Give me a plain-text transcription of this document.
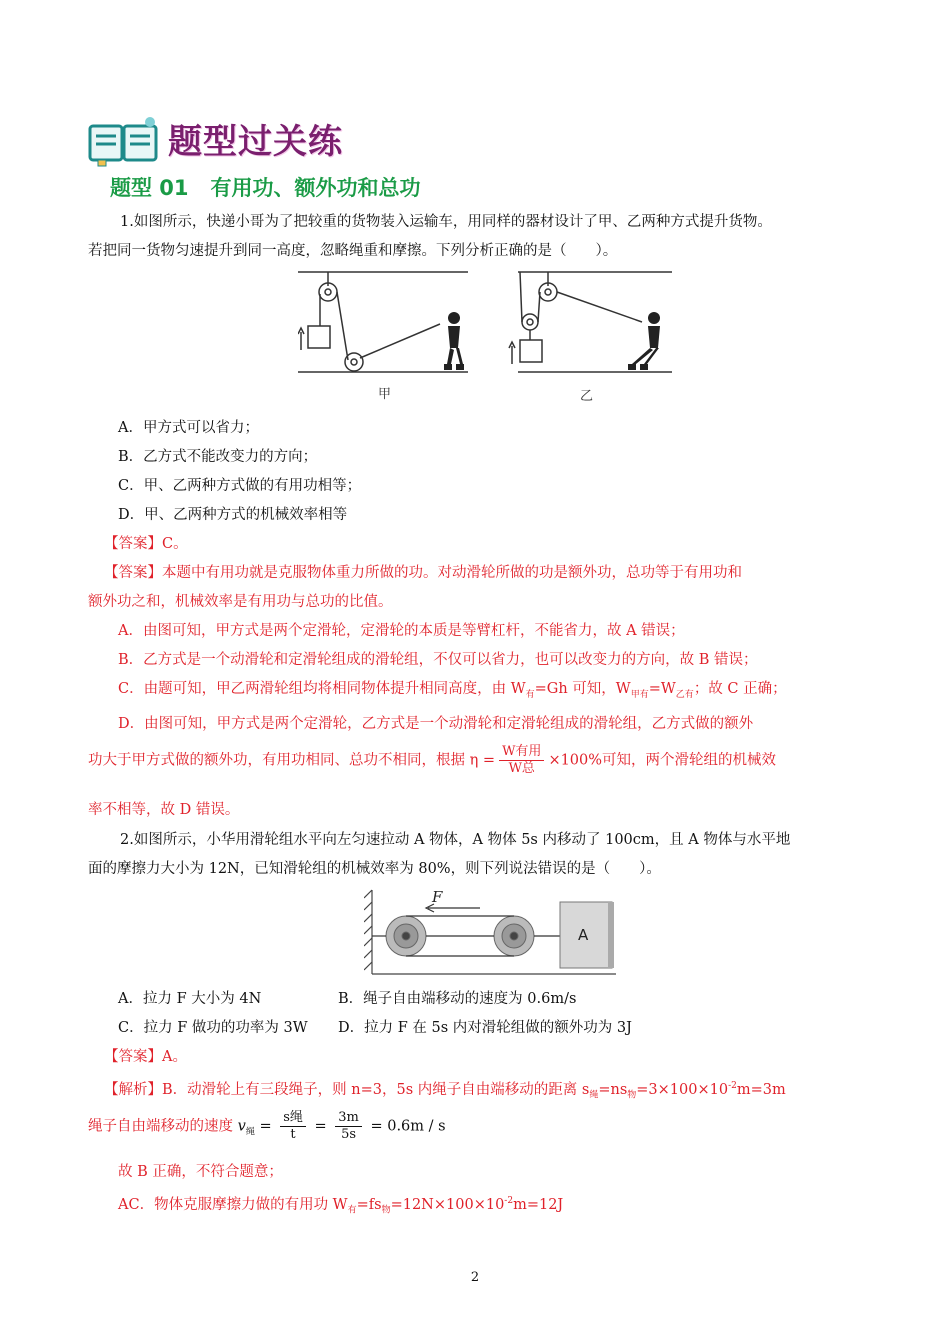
题型过关练
题型 01 有用功、额外功和总功
1.如图所示，快递小哥为了把较重的货物装入运输车，用同样的器材设计了甲、乙两种方式提升货物。
若把同一货物匀速提升到同一高度，忽略绳重和摩擦。下列分析正确的是（　　）。
甲	乙
A．甲方式可以省力；
B．乙方式不能改变力的方向；
C．甲、乙两种方式做的有用功相等；
D．甲、乙两种方式的机械效率相等
【答案】C。
【答案】本题中有用功就是克服物体重力所做的功。对动滑轮所做的功是额外功，总功等于有用功和
额外功之和，机械效率是有用功与总功的比值。
A．由图可知，甲方式是两个定滑轮，定滑轮的本质是等臂杠杆，不能省力，故 A 错误；
B．乙方式是一个动滑轮和定滑轮组成的滑轮组，不仅可以省力，也可以改变力的方向，故 B 错误；
C．由题可知，甲乙两滑轮组均将相同物体提升相同高度，由 $W_有=Gh$ 可知，$W_{甲有}=W_{乙有}$；故 C 正确；
D．由图可知，甲方式是两个定滑轮，乙方式是一个动滑轮和定滑轮组成的滑轮组，乙方式做的额外
功大于甲方式做的额外功，有用功相同、总功不相同，根据 $\eta = \frac{\text{W有用}}{\text{W总}} \times 100\%$可知，两个滑轮组的机械效
率不相等，故 D 错误。
2.如图所示，小华用滑轮组水平向左匀速拉动 A 物体，A 物体 5s 内移动了 100cm，且 A 物体与水平地
面的摩擦力大小为 12N，已知滑轮组的机械效率为 80%，则下列说法错误的是（　　）。
F
A
A．拉力 F 大小为 4N	B．绳子自由端移动的速度为 0.6m/s
C．拉力 F 做功的功率为 3W D．拉力 F 在 5s 内对滑轮组做的额外功为 3J
【答案】A。
【解析】B．动滑轮上有三段绳子，则 n=3，5s 内绳子自由端移动的距离 $s_绳=ns_物=3\times 100\times 10^{-2}m=3m$
绳子自由端移动的速度 $v_绳 = \frac{\text{s绳}}{t} = \frac{3m}{5s} = 0.6m / s$
故 B 正确，不符合题意；
AC．物体克服摩擦力做的有用功 $W_有=fs_物=12N\times 100\times 10^{-2}m=12J$
2
